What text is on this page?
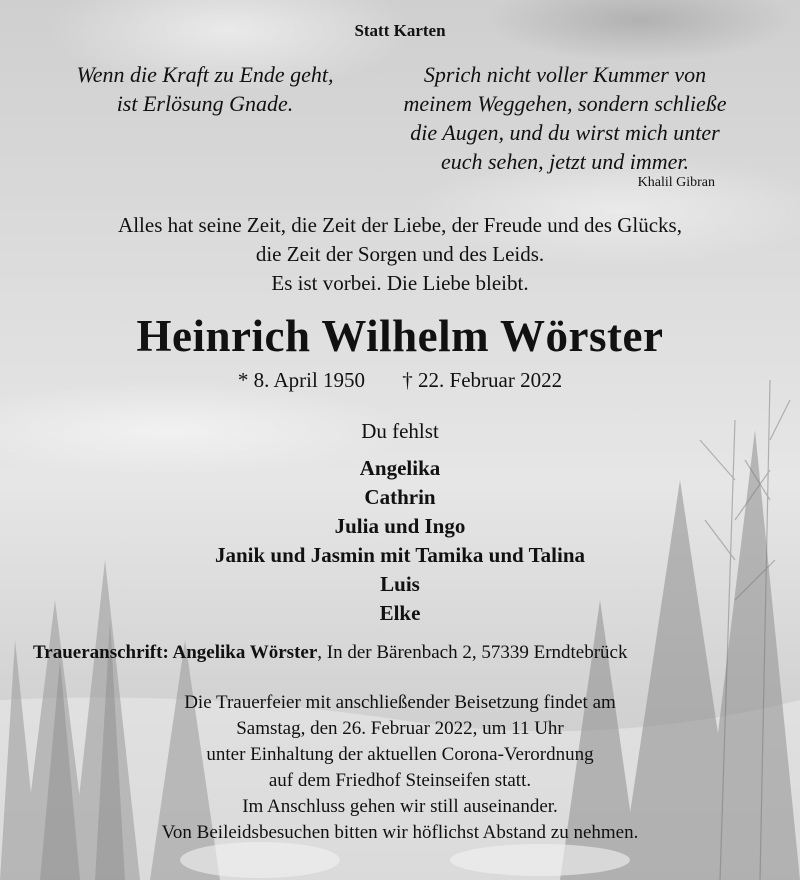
Statt Karten
Wenn die Kraft zu Ende geht,
ist Erlösung Gnade.
Sprich nicht voller Kummer von
meinem Weggehen, sondern schließe
die Augen, und du wirst mich unter
euch sehen, jetzt und immer.
Khalil Gibran
Alles hat seine Zeit, die Zeit der Liebe, der Freude und des Glücks,
die Zeit der Sorgen und des Leids.
Es ist vorbei. Die Liebe bleibt.
Heinrich Wilhelm Wörster
* 8. April 1950 † 22. Februar 2022
Du fehlst
Angelika
Cathrin
Julia und Ingo
Janik und Jasmin mit Tamika und Talina
Luis
Elke
Traueranschrift: Angelika Wörster, In der Bärenbach 2, 57339 Erndtebrück
Die Trauerfeier mit anschließender Beisetzung findet am
Samstag, den 26. Februar 2022, um 11 Uhr
unter Einhaltung der aktuellen Corona-Verordnung
auf dem Friedhof Steinseifen statt.
Im Anschluss gehen wir still auseinander.
Von Beileidsbesuchen bitten wir höflichst Abstand zu nehmen.
